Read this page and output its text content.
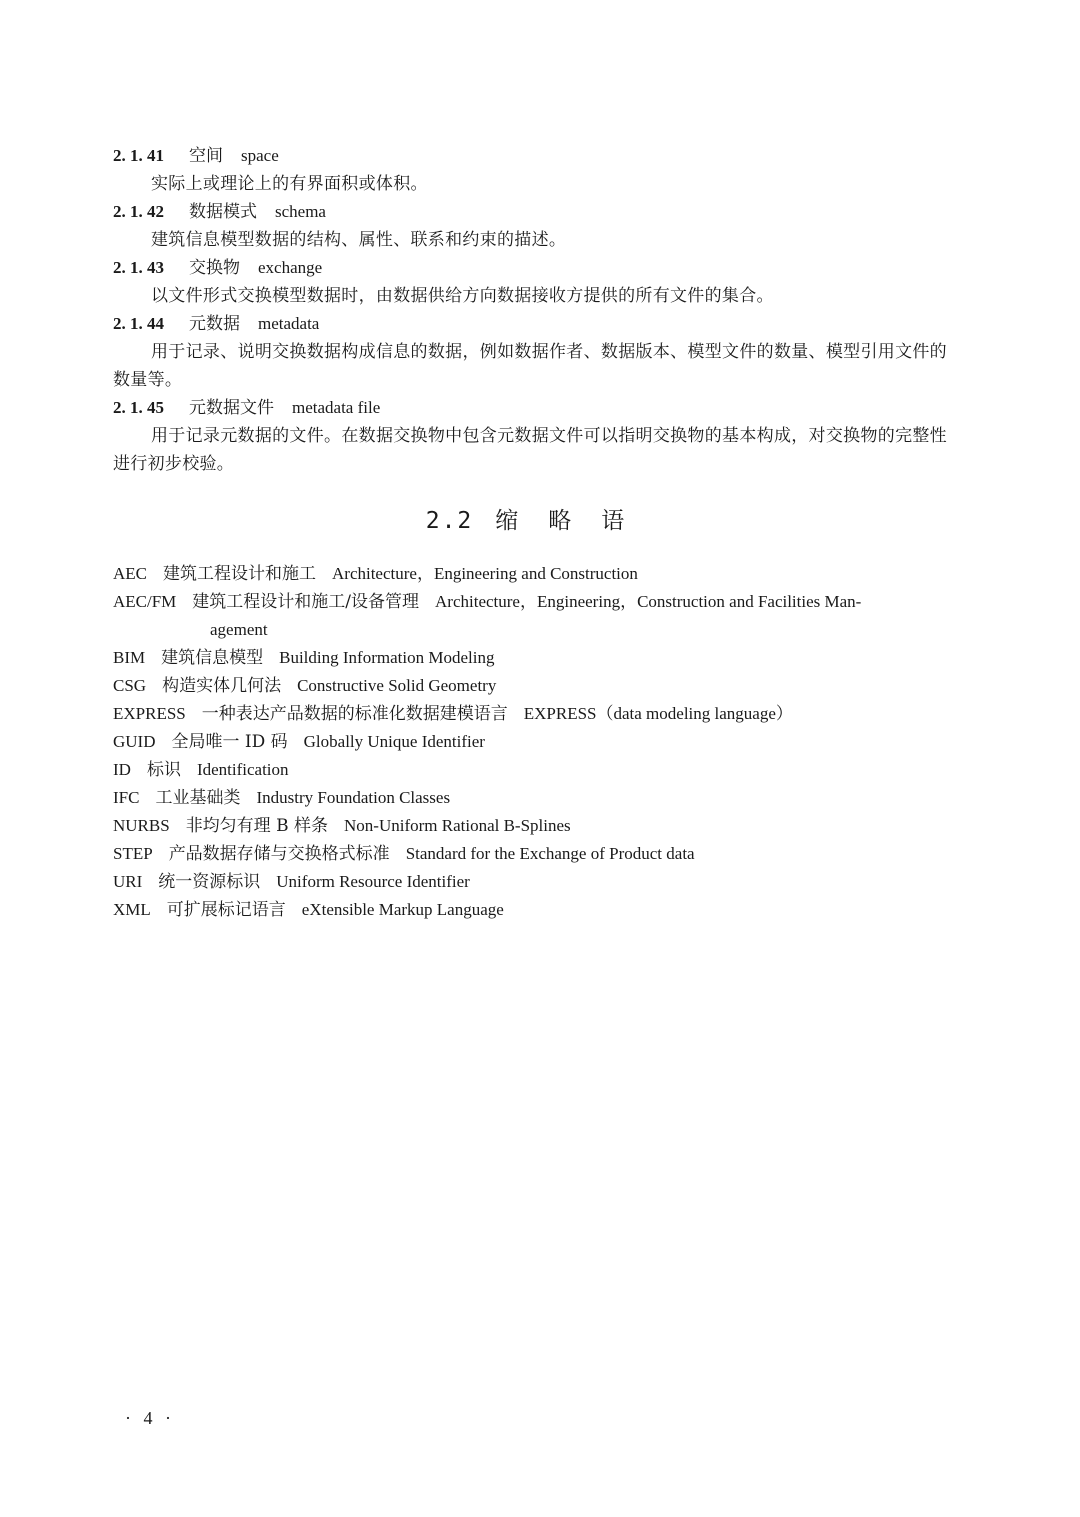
2. 1. 41 空间 space
实际上或理论上的有界面积或体积。
2. 1. 42 数据模式 schema
建筑信息模型数据的结构、属性、联系和约束的描述。
2. 1. 43 交换物 exchange
以文件形式交换模型数据时，由数据供给方向数据接收方提供的所有文件的集合。
2. 1. 44 元数据 metadata
用于记录、说明交换数据构成信息的数据，例如数据作者、数据版本、模型文件的数量、模型引用文件的数量等。
2. 1. 45 元数据文件 metadata file
用于记录元数据的文件。在数据交换物中包含元数据文件可以指明交换物的基本构成，对交换物的完整性进行初步校验。
2.2 缩略语
AEC 建筑工程设计和施工 Architecture，Engineering and Construction
AEC/FM 建筑工程设计和施工/设备管理 Architecture，Engineering，Construction and Facilities Man-
agement
BIM 建筑信息模型 Building Information Modeling
CSG 构造实体几何法 Constructive Solid Geometry
EXPRESS 一种表达产品数据的标准化数据建模语言 EXPRESS（data modeling language）
GUID 全局唯一 ID 码 Globally Unique Identifier
ID 标识 Identification
IFC 工业基础类 Industry Foundation Classes
NURBS 非均匀有理 B 样条 Non-Uniform Rational B-Splines
STEP 产品数据存储与交换格式标准 Standard for the Exchange of Product data
URI 统一资源标识 Uniform Resource Identifier
XML 可扩展标记语言 eXtensible Markup Language
· 4 ·
